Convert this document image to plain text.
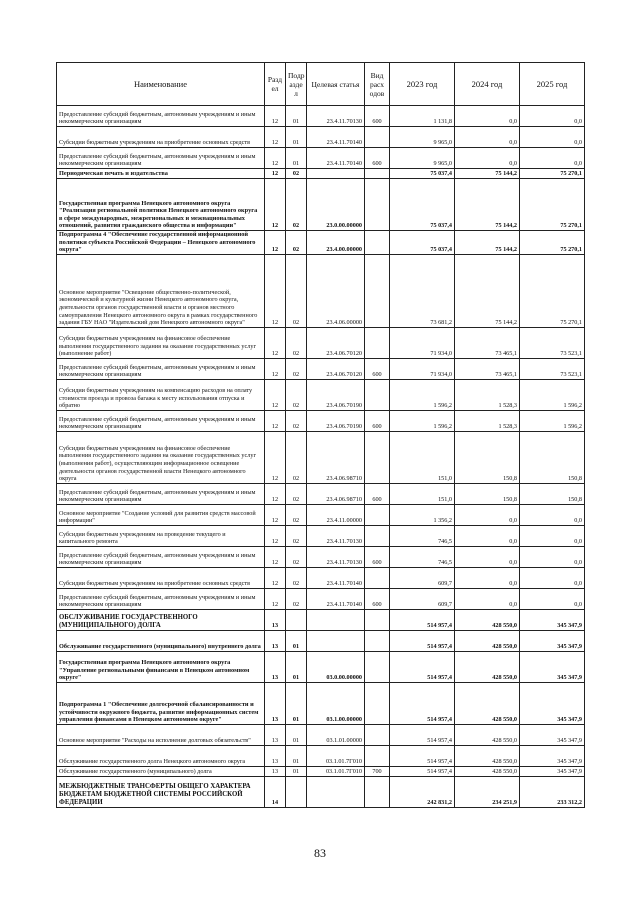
Наименование	Разд ел	Подр азде л	Целевая статья	Вид расх одов	2023 год	2024 год	2025 год
Предоставление субсидий бюджетным, автономным учреждениям и иным некоммерческим организациям	12	01	23.4.11.70130	600	1 131,8	0,0	0,0
Субсидии бюджетным учреждениям на приобретение основных средств	12	01	23.4.11.70140		9 965,0	0,0	0,0
Предоставление субсидий бюджетным, автономным учреждениям и иным некоммерческим организациям	12	01	23.4.11.70140	600	9 965,0	0,0	0,0
Периодическая печать и издательства	12	02			75 037,4	75 144,2	75 270,1
Государственная программа Ненецкого автономного округа "Реализация региональной политики Ненецкого автономного округа в сфере международных, межрегиональных и межнациональных отношений, развития гражданского общества и информации"	12	02	23.0.00.00000		75 037,4	75 144,2	75 270,1
Подпрограмма 4 "Обеспечение государственной информационной политики субъекта Российской Федерации – Ненецкого автономного округа"	12	02	23.4.00.00000		75 037,4	75 144,2	75 270,1
Основное мероприятие "Освещение общественно-политической, экономической и культурной жизни Ненецкого автономного округа, деятельности органов государственной власти и органов местного самоуправления Ненецкого автономного округа в рамках государственного задания ГБУ НАО "Издательский дом Ненецкого автономного округа"	12	02	23.4.06.00000		73 681,2	75 144,2	75 270,1
Субсидии бюджетным учреждениям на финансовое обеспечение выполнения государственного задания на оказание государственных услуг (выполнение работ)	12	02	23.4.06.70120		71 934,0	73 465,1	73 523,1
Предоставление субсидий бюджетным, автономным учреждениям и иным некоммерческим организациям	12	02	23.4.06.70120	600	71 934,0	73 465,1	73 523,1
Субсидии бюджетным учреждениям на компенсацию расходов на оплату стоимости проезда и провоза багажа к месту использования отпуска и обратно	12	02	23.4.06.70190		1 596,2	1 528,3	1 596,2
Предоставление субсидий бюджетным, автономным учреждениям и иным некоммерческим организациям	12	02	23.4.06.70190	600	1 596,2	1 528,3	1 596,2
Субсидии бюджетным учреждениям на финансовое обеспечение выполнения государственного задания на оказание государственных услуг (выполнения работ), осуществляющим информационное освещение деятельности органов государственной власти Ненецкого автономного округа	12	02	23.4.06.98710		151,0	150,8	150,8
Предоставление субсидий бюджетным, автономным учреждениям и иным некоммерческим организациям	12	02	23.4.06.98710	600	151,0	150,8	150,8
Основное мероприятие "Создание условий для развития средств массовой информации"	12	02	23.4.11.00000		1 356,2	0,0	0,0
Субсидии бюджетным учреждениям на проведение текущего и капитального ремонта	12	02	23.4.11.70130		746,5	0,0	0,0
Предоставление субсидий бюджетным, автономным учреждениям и иным некоммерческим организациям	12	02	23.4.11.70130	600	746,5	0,0	0,0
Субсидии бюджетным учреждениям на приобретение основных средств	12	02	23.4.11.70140		609,7	0,0	0,0
Предоставление субсидий бюджетным, автономным учреждениям и иным некоммерческим организациям	12	02	23.4.11.70140	600	609,7	0,0	0,0
ОБСЛУЖИВАНИЕ ГОСУДАРСТВЕННОГО (МУНИЦИПАЛЬНОГО) ДОЛГА	13				514 957,4	428 550,0	345 347,9
Обслуживание государственного (муниципального) внутреннего долга	13	01			514 957,4	428 550,0	345 347,9
Государственная программа Ненецкого автономного округа "Управление региональными финансами в Ненецком автономном округе"	13	01	03.0.00.00000		514 957,4	428 550,0	345 347,9
Подпрограмма 1 "Обеспечение долгосрочной сбалансированности и устойчивости окружного бюджета, развитие информационных систем управления финансами в Ненецком автономном округе"	13	01	03.1.00.00000		514 957,4	428 550,0	345 347,9
Основное мероприятие "Расходы на исполнение долговых обязательств"	13	01	03.1.01.00000		514 957,4	428 550,0	345 347,9
Обслуживание государственного долга Ненецкого автономного округа	13	01	03.1.01.7Г010		514 957,4	428 550,0	345 347,9
Обслуживание государственного (муниципального) долга	13	01	03.1.01.7Г010	700	514 957,4	428 550,0	345 347,9
МЕЖБЮДЖЕТНЫЕ ТРАНСФЕРТЫ ОБЩЕГО ХАРАКТЕРА БЮДЖЕТАМ БЮДЖЕТНОЙ СИСТЕМЫ РОССИЙСКОЙ ФЕДЕРАЦИИ	14				242 831,2	234 251,9	233 312,2
83
